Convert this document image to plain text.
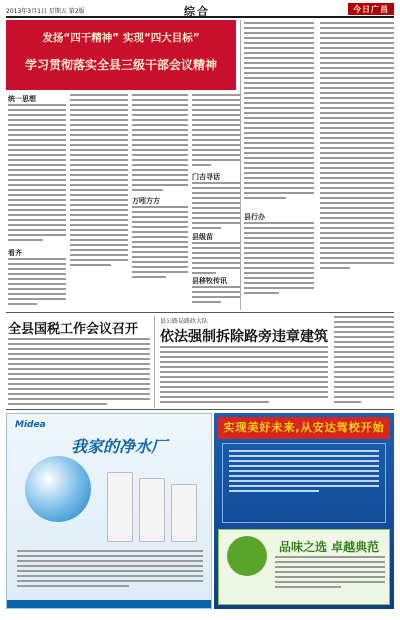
2013年3月1日 星期五 第2版	综合	今日广昌
发扬“四干精神” 实现“四大目标”
学习贯彻落实全县三级干部会议精神
统一思想
看齐
万吲方方
门吉寻话
县级苗
县移牧传讯
县行办
全县国税工作会议召开
县公路局路政大队
依法强制拆除路旁违章建筑
Midea
我家的净水厂
实现美好未来,从安达驾校开始
品味之选 卓越典范
